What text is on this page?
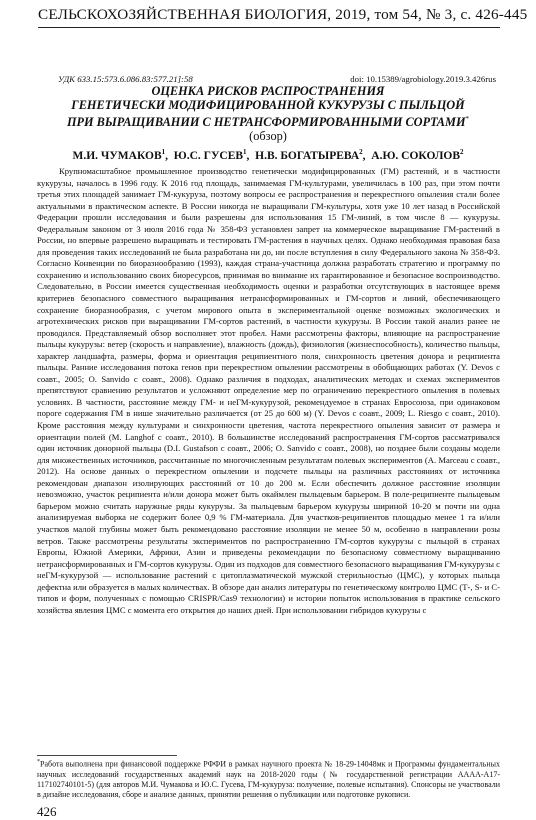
СЕЛЬСКОХОЗЯЙСТВЕННАЯ БИОЛОГИЯ, 2019, том 54, № 3, с. 426-445
УДК 633.15:573.6.086.83:577.21]:58	doi: 10.15389/agrobiology.2019.3.426rus
ОЦЕНКА РИСКОВ РАСПРОСТРАНЕНИЯ
ГЕНЕТИЧЕСКИ МОДИФИЦИРОВАННОЙ КУКУРУЗЫ С ПЫЛЬЦОЙ
ПРИ ВЫРАЩИВАНИИ С НЕТРАНСФОРМИРОВАННЫМИ СОРТАМИ*
(обзор)
М.И. ЧУМАКОВ$^1$,  Ю.С. ГУСЕВ$^1$,  Н.В. БОГАТЫРЕВА$^2$,  А.Ю. СОКОЛОВ$^2$

Крупномасштабное промышленное производство генетически модифицированных (ГМ) растений, и в частности кукурузы, началось в 1996 году. К 2016 год площадь, занимаемая ГМ-культурами, увеличилась в 100 раз, при этом почти третья этих площадей занимает ГМ-кукуруза, поэтому вопросы ее распространения и перекрестного опыления стали более актуальными в практическом аспекте. В России никогда не выращивали ГМ-культуры, хотя уже 10 лет назад в Российской Федерации прошли исследования и были разрешены для использования 15 ГМ-линий, в том числе 8 — кукурузы. Федеральным законом от 3 июля 2016 года № 358-ФЗ установлен запрет на коммерческое выращивание ГМ-растений в России, но впервые разрешено выращивать и тестировать ГМ-растения в научных целях. Однако необходимая правовая база для проведения таких исследований не была разработана ни до, ни после вступления в силу Федерального закона № 358-ФЗ. Согласно Конвенции по биоразнообразию (1993), каждая страна-участница должна разработать стратегию и программу по сохранению и использованию своих биоресурсов, принимая во внимание их гарантированное и безопасное воспроизводство. Следовательно, в России имеется существенная необходимость оценки и разработки отсутствующих в настоящее время критериев безопасного совместного выращивания нетрансформированных и ГМ-сортов и линий, обеспечивающего сохранение биоразнообразия, с учетом мирового опыта в экспериментальной оценке возможных экологических и агротехнических рисков при выращивании ГМ-сортов растений, в частности кукурузы. В России такой анализ ранее не проводился. Представляемый обзор восполняет этот пробел. Нами рассмотрены факторы, влияющие на распространение пыльцы кукурузы: ветер (скорость и направление), влажность (дождь), физиология (жизнеспособность), количество пыльцы, характер ландшафта, размеры, форма и ориентация реципиентного поля, синхронность цветения донора и реципиента пыльцы. Ранние исследования потока генов при перекрестном опылении рассмотрены в обобщающих работах (Y. Devos с соавт., 2005; O. Sanvido с соавт., 2008). Однако различия в подходах, аналитических методах и схемах экспериментов препятствуют сравнению результатов и усложняют определение мер по ограничению перекрестного опыления в полевых условиях. В частности, расстояние между ГМ- и неГМ-кукурузой, рекомендуемое в странах Евросоюза, при одинаковом пороге содержания ГМ в нише значительно различается (от 25 до 600 м) (Y. Devos с соавт., 2009; L. Riesgo с соавт., 2010). Кроме расстояния между культурами и синхронности цветения, частота перекрестного опыления зависит от размера и ориентации полей (M. Langhof с соавт., 2010). В большинстве исследований распространения ГМ-сортов рассматривался один источник донорной пыльцы (D.I. Gustafson с соавт., 2006; O. Sanvido с соавт., 2008), но позднее были созданы модели для множественных источников, рассчитанные по многочисленным результатам полевых экспериментов (A. Marceau с соавт., 2012). На основе данных о перекрестном опылении и подсчете пыльцы на различных расстояниях от источника рекомендован диапазон изолирующих расстояний от 10 до 200 м. Если обеспечить должное расстояние изоляции невозможно, участок реципиента и/или донора может быть окаймлен пыльцевым барьером. В поле-реципиенте пыльцевым барьером можно считать наружные ряды кукурузы. За пыльцевым барьером кукурузы шириной 10-20 м почти ни одна анализируемая выборка не содержит более 0,9 % ГМ-материала. Для участков-реципиентов площадью менее 1 га и/или участков малой глубины может быть рекомендовано расстояние изоляции не менее 50 м, особенно в направлении розы ветров. Также рассмотрены результаты экспериментов по распространению ГМ-сортов кукурузы с пыльцой в странах Европы, Южной Америки, Африки, Азии и приведены рекомендации по безопасному совместному выращиванию нетрансформированных и ГМ-сортов кукурузы. Один из подходов для совместного безопасного выращивания ГМ-кукурузы с неГМ-кукурузой — использование растений с цитоплазматической мужской стерильностью (ЦМС), у которых пыльца дефектна или образуется в малых количествах. В обзоре дан анализ литературы по генетическому контролю ЦМС (Т-, S- и С-типов и форм, полученных с помощью CRISPR/Cas9 технологии) и истории попыток использования в практике сельского хозяйства явления ЦМС с момента его открытия до наших дней. При использовании гибридов кукурузы с

*Работа выполнена при финансовой поддержке РФФИ в рамках научного проекта № 18-29-14048мк и Программы фундаментальных научных исследований государственных академий наук на 2018-2020 годы (№ государственной регистрации АААА-А17-117102740101-5) (для авторов М.И. Чумакова и Ю.С. Гусева, ГМ-кукуруза: получение, полевые испытания). Спонсоры не участвовали в дизайне исследования, сборе и анализе данных, принятии решения о публикации или подготовке рукописи.

426
